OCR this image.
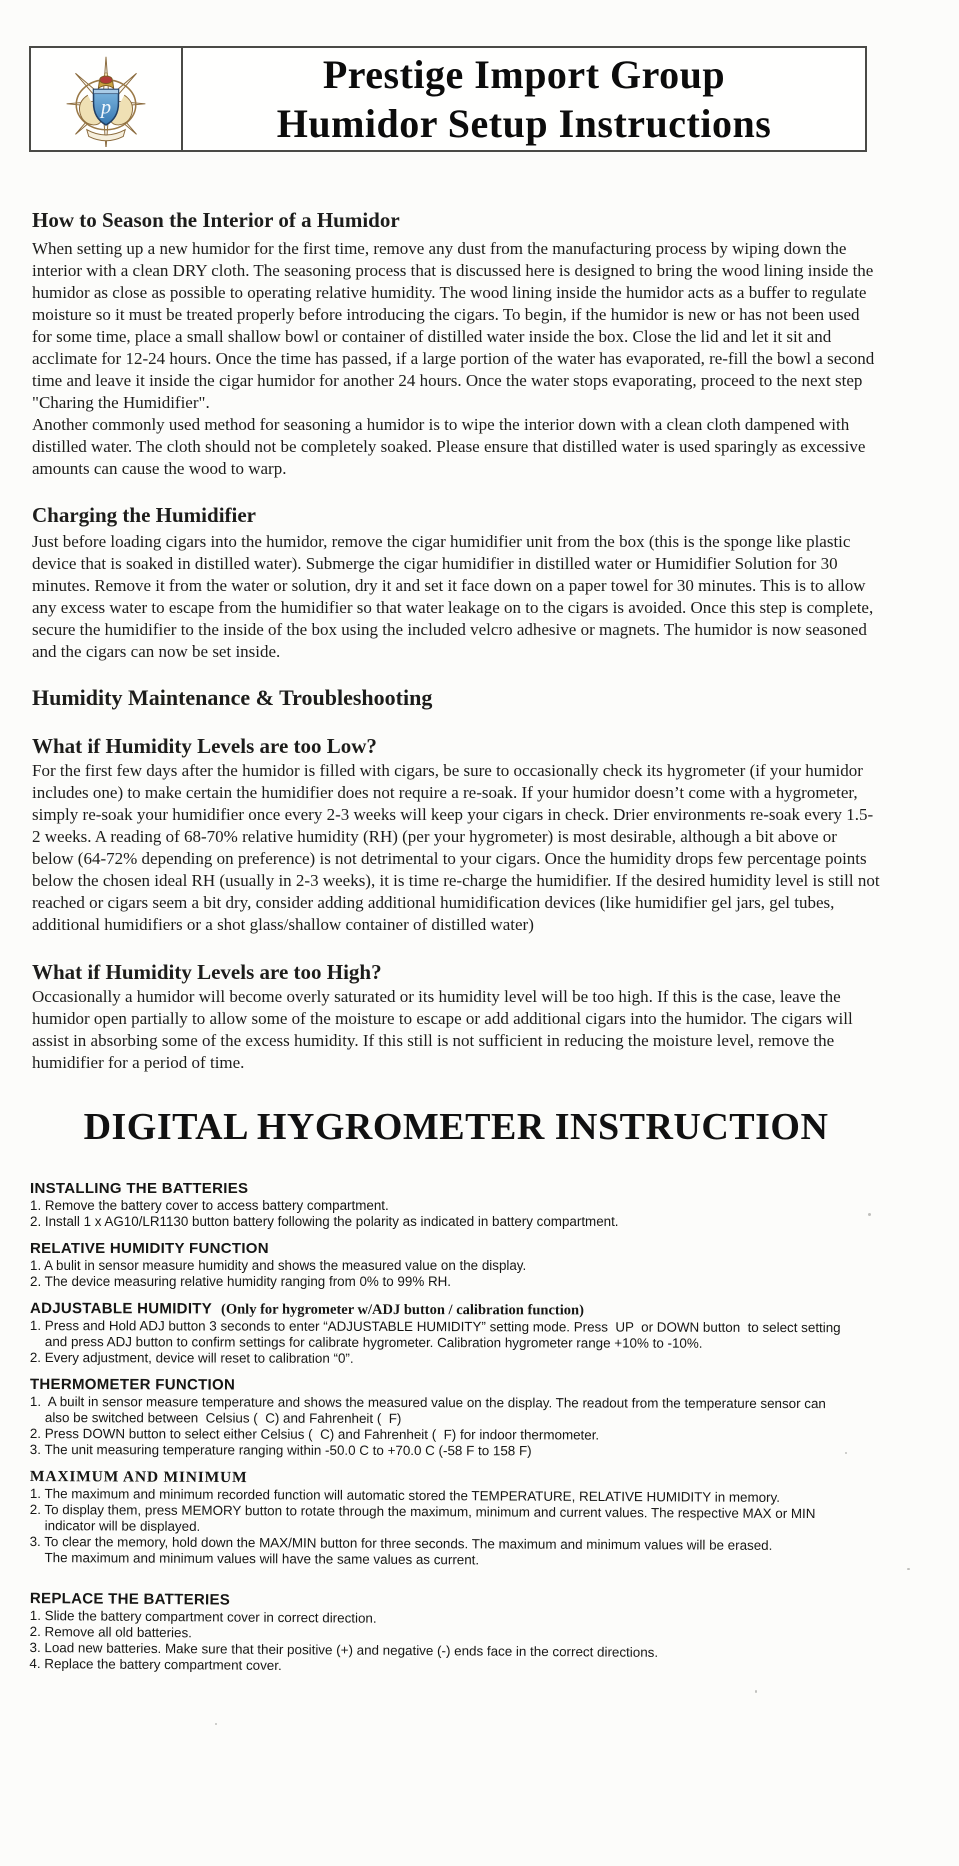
p
Prestige Import Group
Humidor Setup Instructions
How to Season the Interior of a Humidor

When setting up a new humidor for the first time, remove any dust from the manufacturing process by wiping down the interior with a clean DRY cloth. The seasoning process that is discussed here is designed to bring the wood lining inside the humidor as close as possible to operating relative humidity. The wood lining inside the humidor acts as a buffer to regulate moisture so it must be treated properly before introducing the cigars. To begin, if the humidor is new or has not been used for some time, place a small shallow bowl or container of distilled water inside the box. Close the lid and let it sit and acclimate for 12-24 hours. Once the time has passed, if a large portion of the water has evaporated, re-fill the bowl a second time and leave it inside the cigar humidor for another 24 hours. Once the water stops evaporating, proceed to the next step "Charing the Humidifier".

Another commonly used method for seasoning a humidor is to wipe the interior down with a clean cloth dampened with distilled water. The cloth should not be completely soaked. Please ensure that distilled water is used sparingly as excessive amounts can cause the wood to warp.

Charging the Humidifier

Just before loading cigars into the humidor, remove the cigar humidifier unit from the box (this is the sponge like plastic device that is soaked in distilled water). Submerge the cigar humidifier in distilled water or Humidifier Solution for 30 minutes. Remove it from the water or solution, dry it and set it face down on a paper towel for 30 minutes. This is to allow any excess water to escape from the humidifier so that water leakage on to the cigars is avoided. Once this step is complete, secure the humidifier to the inside of the box using the included velcro adhesive or magnets. The humidor is now seasoned and the cigars can now be set inside.

Humidity Maintenance & Troubleshooting
What if Humidity Levels are too Low?

For the first few days after the humidor is filled with cigars, be sure to occasionally check its hygrometer (if your humidor includes one) to make certain the humidifier does not require a re-soak. If your humidor doesn’t come with a hygrometer, simply re-soak your humidifier once every 2-3 weeks will keep your cigars in check. Drier environments re-soak every 1.5-2 weeks. A reading of 68-70% relative humidity (RH) (per your hygrometer) is most desirable, although a bit above or below (64-72% depending on preference) is not detrimental to your cigars. Once the humidity drops few percentage points below the chosen ideal RH (usually in 2-3 weeks), it is time re-charge the humidifier. If the desired humidity level is still not reached or cigars seem a bit dry, consider adding additional humidification devices (like humidifier gel jars, gel tubes, additional humidifiers or a shot glass/shallow container of distilled water)

What if Humidity Levels are too High?

Occasionally a humidor will become overly saturated or its humidity level will be too high. If this is the case, leave the humidor open partially to allow some of the moisture to escape or add additional cigars into the humidor. The cigars will assist in absorbing some of the excess humidity. If this still is not sufficient in reducing the moisture level, remove the humidifier for a period of time.

DIGITAL HYGROMETER INSTRUCTION
INSTALLING THE BATTERIES
1. Remove the battery cover to access battery compartment.
2. Install 1 x AG10/LR1130 button battery following the polarity as indicated in battery compartment.
RELATIVE HUMIDITY FUNCTION
1. A bulit in sensor measure humidity and shows the measured value on the display.
2. The device measuring relative humidity ranging from 0% to 99% RH.
ADJUSTABLE HUMIDITY (Only for hygrometer w/ADJ button / calibration function)
1. Press and Hold ADJ button 3 seconds to enter “ADJUSTABLE HUMIDITY” setting mode. Press  UP  or DOWN button  to select setting
and press ADJ button to confirm settings for calibrate hygrometer. Calibration hygrometer range +10% to -10%.
2. Every adjustment, device will reset to calibration “0”.
THERMOMETER FUNCTION
1.  A built in sensor measure temperature and shows the measured value on the display. The readout from the temperature sensor can
also be switched between  Celsius (  C) and Fahrenheit (  F)
2. Press DOWN button to select either Celsius (  C) and Fahrenheit (  F) for indoor thermometer.
3. The unit measuring temperature ranging within -50.0 C to +70.0 C (-58 F to 158 F)
MAXIMUM AND MINIMUM
1. The maximum and minimum recorded function will automatic stored the TEMPERATURE, RELATIVE HUMIDITY in memory.
2. To display them, press MEMORY button to rotate through the maximum, minimum and current values. The respective MAX or MIN
indicator will be displayed.
3. To clear the memory, hold down the MAX/MIN button for three seconds. The maximum and minimum values will be erased.
The maximum and minimum values will have the same values as current.
REPLACE THE BATTERIES
1. Slide the battery compartment cover in correct direction.
2. Remove all old batteries.
3. Load new batteries. Make sure that their positive (+) and negative (-) ends face in the correct directions.
4. Replace the battery compartment cover.
